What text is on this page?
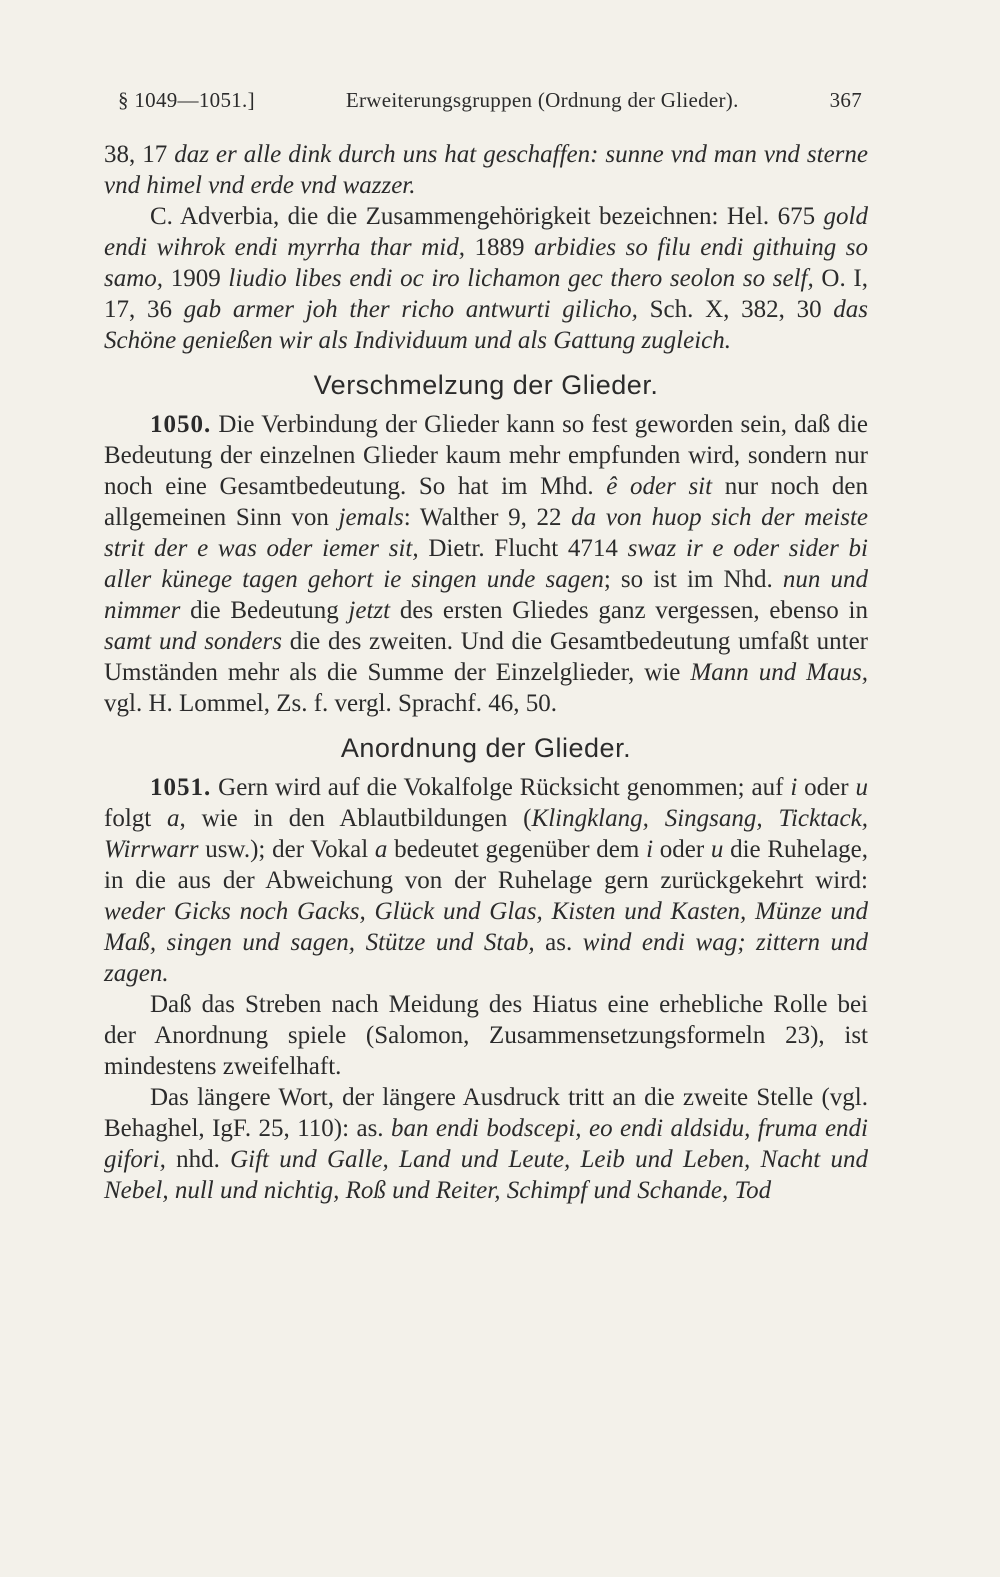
§ 1049—1051.]	Erweiterungsgruppen (Ordnung der Glieder).	367

38, 17 daz er alle dink durch uns hat geschaffen: sunne vnd man vnd sterne vnd himel vnd erde vnd wazzer.

C. Adverbia, die die Zusammengehörigkeit bezeichnen: Hel. 675 gold endi wihrok endi myrrha thar mid, 1889 arbidies so filu endi githuing so samo, 1909 liudio libes endi oc iro lichamon gec thero seolon so self, O. I, 17, 36 gab armer joh ther richo antwurti gilicho, Sch. X, 382, 30 das Schöne genießen wir als Individuum und als Gattung zugleich.

Verschmelzung der Glieder.

1050. Die Verbindung der Glieder kann so fest geworden sein, daß die Bedeutung der einzelnen Glieder kaum mehr empfunden wird, sondern nur noch eine Gesamtbedeutung. So hat im Mhd. ê oder sit nur noch den allgemeinen Sinn von jemals: Walther 9, 22 da von huop sich der meiste strit der e was oder iemer sit, Dietr. Flucht 4714 swaz ir e oder sider bi aller künege tagen gehort ie singen unde sagen; so ist im Nhd. nun und nimmer die Bedeutung jetzt des ersten Gliedes ganz vergessen, ebenso in samt und sonders die des zweiten. Und die Gesamtbedeutung umfaßt unter Umständen mehr als die Summe der Einzelglieder, wie Mann und Maus, vgl. H. Lommel, Zs. f. vergl. Sprachf. 46, 50.

Anordnung der Glieder.

1051. Gern wird auf die Vokalfolge Rücksicht genommen; auf i oder u folgt a, wie in den Ablautbildungen (Klingklang, Singsang, Ticktack, Wirrwarr usw.); der Vokal a bedeutet gegenüber dem i oder u die Ruhelage, in die aus der Abweichung von der Ruhelage gern zurückgekehrt wird: weder Gicks noch Gacks, Glück und Glas, Kisten und Kasten, Münze und Maß, singen und sagen, Stütze und Stab, as. wind endi wag; zittern und zagen.

Daß das Streben nach Meidung des Hiatus eine erhebliche Rolle bei der Anordnung spiele (Salomon, Zusammensetzungsformeln 23), ist mindestens zweifelhaft.

Das längere Wort, der längere Ausdruck tritt an die zweite Stelle (vgl. Behaghel, IgF. 25, 110): as. ban endi bodscepi, eo endi aldsidu, fruma endi gifori, nhd. Gift und Galle, Land und Leute, Leib und Leben, Nacht und Nebel, null und nichtig, Roß und Reiter, Schimpf und Schande, Tod
